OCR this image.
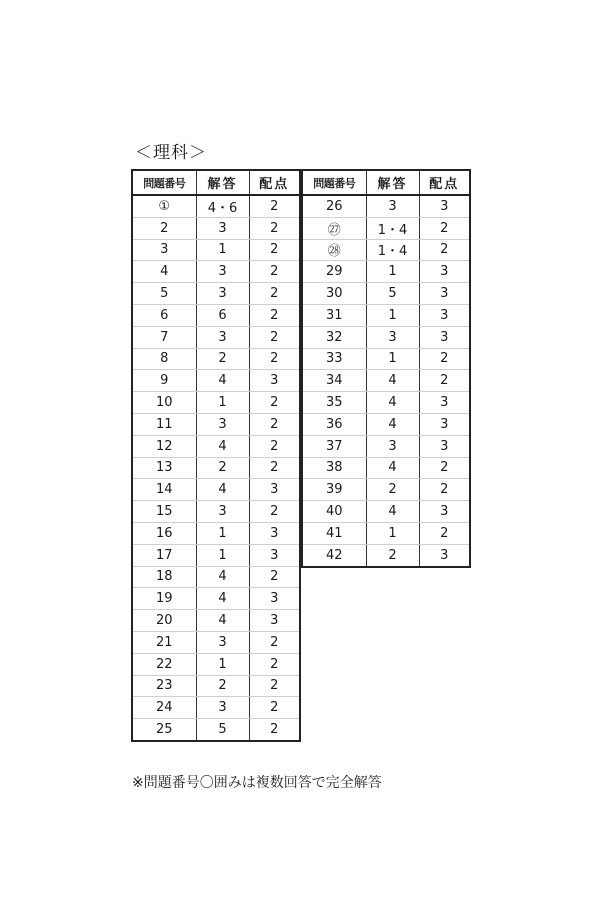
＜理科＞
問題番号	解答	配点
①	4・6	2
2	3	2
3	1	2
4	3	2
5	3	2
6	6	2
7	3	2
8	2	2
9	4	3
10	1	2
11	3	2
12	4	2
13	2	2
14	4	3
15	3	2
16	1	3
17	1	3
18	4	2
19	4	3
20	4	3
21	3	2
22	1	2
23	2	2
24	3	2
25	5	2
問題番号	解答	配点
26	3	3
㉗	1・4	2
㉘	1・4	2
29	1	3
30	5	3
31	1	3
32	3	3
33	1	2
34	4	2
35	4	3
36	4	3
37	3	3
38	4	2
39	2	2
40	4	3
41	1	2
42	2	3
※問題番号〇囲みは複数回答で完全解答
